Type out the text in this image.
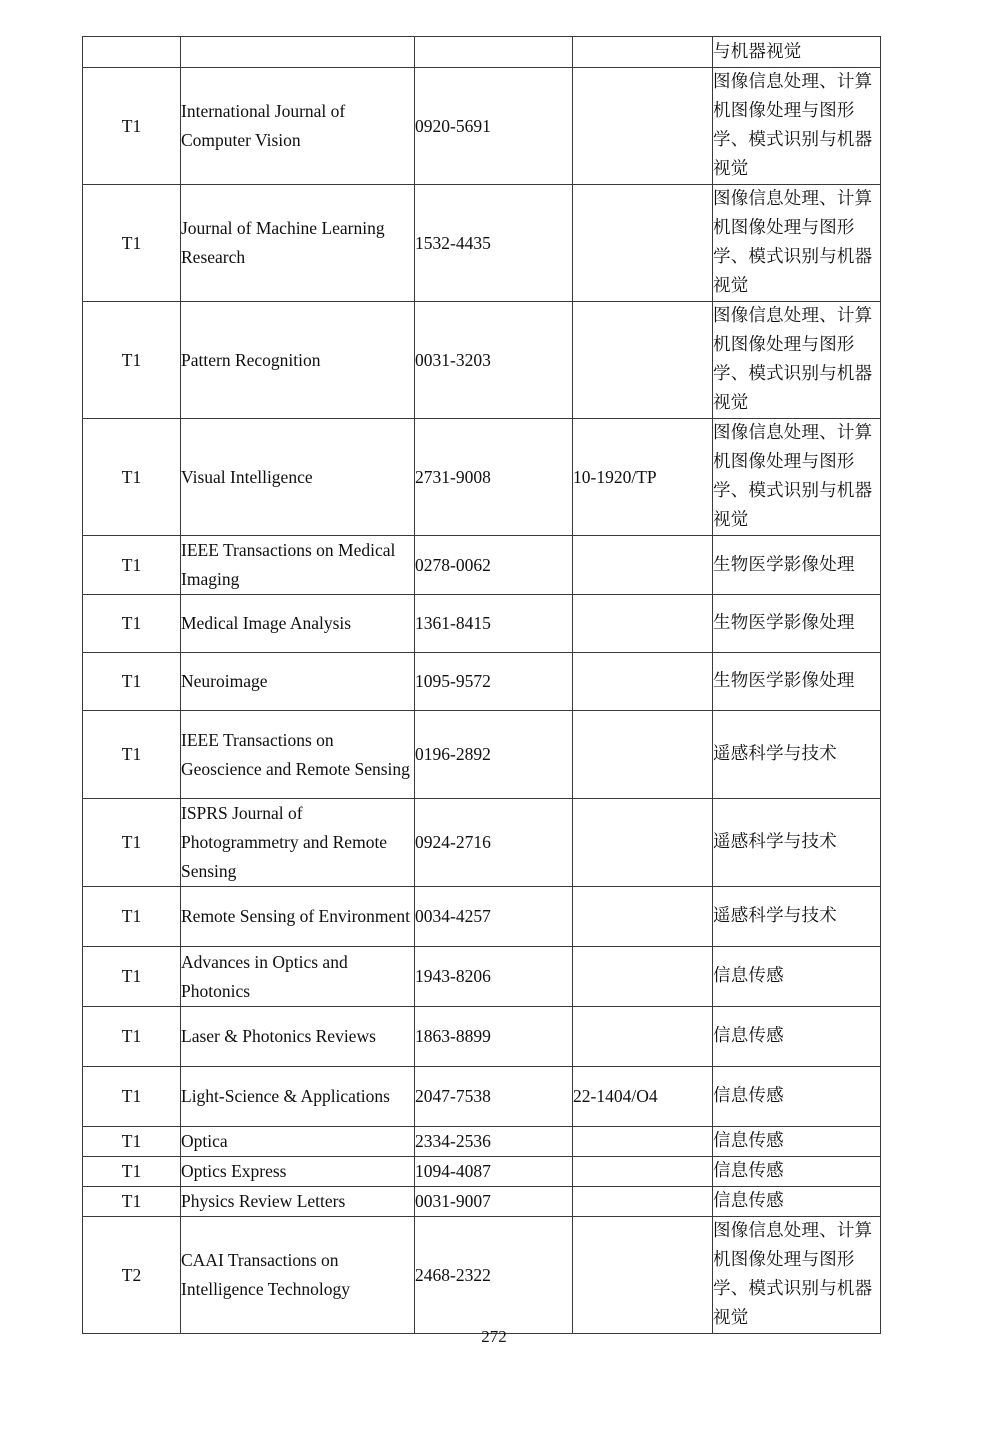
				与机器视觉
T1	International Journal of Computer Vision	0920-5691		图像信息处理、计算机图像处理与图形学、模式识别与机器视觉
T1	Journal of Machine Learning Research	1532-4435		图像信息处理、计算机图像处理与图形学、模式识别与机器视觉
T1	Pattern Recognition	0031-3203		图像信息处理、计算机图像处理与图形学、模式识别与机器视觉
T1	Visual Intelligence	2731-9008	10-1920/TP	图像信息处理、计算机图像处理与图形学、模式识别与机器视觉
T1	IEEE Transactions on Medical Imaging	0278-0062		生物医学影像处理
T1	Medical Image Analysis	1361-8415		生物医学影像处理
T1	Neuroimage	1095-9572		生物医学影像处理
T1	IEEE Transactions on Geoscience and Remote Sensing	0196-2892		遥感科学与技术
T1	ISPRS Journal of Photogrammetry and Remote Sensing	0924-2716		遥感科学与技术
T1	Remote Sensing of Environment	0034-4257		遥感科学与技术
T1	Advances in Optics and Photonics	1943-8206		信息传感
T1	Laser & Photonics Reviews	1863-8899		信息传感
T1	Light-Science & Applications	2047-7538	22-1404/O4	信息传感
T1	Optica	2334-2536		信息传感
T1	Optics Express	1094-4087		信息传感
T1	Physics Review Letters	0031-9007		信息传感
T2	CAAI Transactions on Intelligence Technology	2468-2322		图像信息处理、计算机图像处理与图形学、模式识别与机器视觉
272
